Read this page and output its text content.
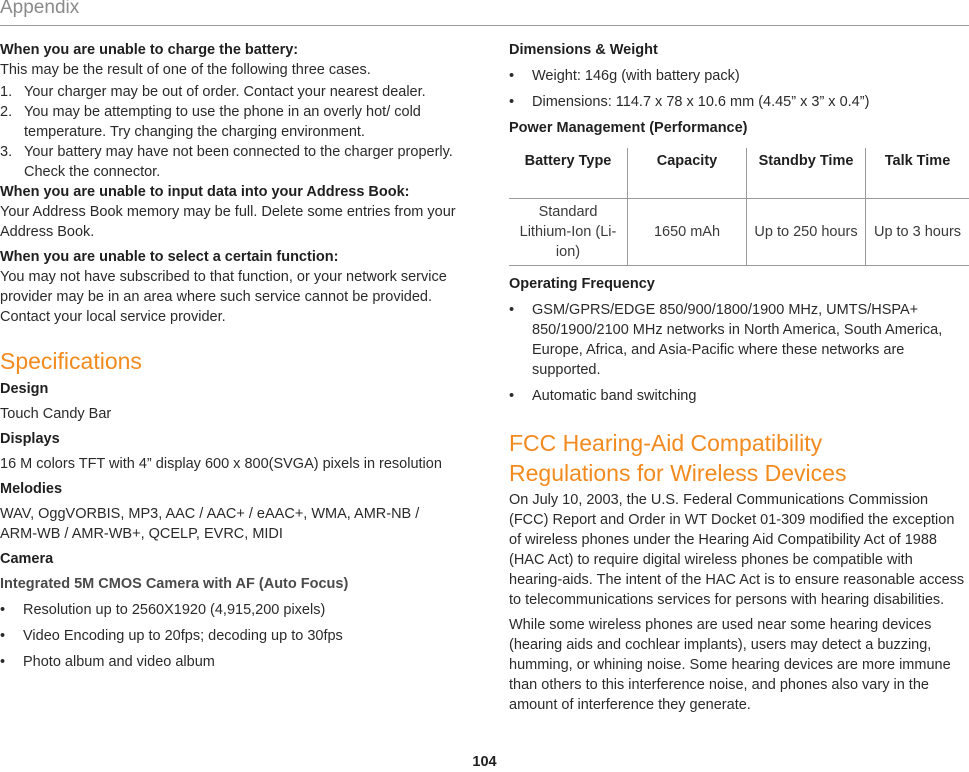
Appendix

When you are unable to charge the battery:

This may be the result of one of the following three cases.

1. Your charger may be out of order. Contact your nearest dealer.
2. You may be attempting to use the phone in an overly hot/ cold temperature. Try changing the charging environment.
3. Your battery may have not been connected to the charger properly. Check the connector.

When you are unable to input data into your Address Book:

Your Address Book memory may be full. Delete some entries from your Address Book.

When you are unable to select a certain function:

You may not have subscribed to that function, or your network service provider may be in an area where such service cannot be provided. Contact your local service provider.

Specifications

Design

Touch Candy Bar

Displays

16 M colors TFT with 4” display 600 x 800(SVGA) pixels in resolution

Melodies

WAV, OggVORBIS, MP3, AAC / AAC+ / eAAC+, WMA, AMR-NB / ARM-WB / AMR-WB+, QCELP, EVRC, MIDI

Camera

Integrated 5M CMOS Camera with AF (Auto Focus)

• Resolution up to 2560X1920 (4,915,200 pixels)
• Video Encoding up to 20fps; decoding up to 30fps
• Photo album and video album

Dimensions & Weight

• Weight: 146g (with battery pack)
• Dimensions: 114.7 x 78 x 10.6 mm (4.45” x 3” x 0.4”)

Power Management (Performance)

Battery Type	Capacity	Standby Time	Talk Time
Standard Lithium-Ion (Li-ion)	1650 mAh	Up to 250 hours	Up to 3 hours

Operating Frequency

• GSM/GPRS/EDGE 850/900/1800/1900 MHz, UMTS/HSPA+ 850/1900/2100 MHz networks in North America, South America, Europe, Africa, and Asia-Pacific where these networks are supported.
• Automatic band switching
FCC Hearing-Aid Compatibility
Regulations for Wireless Devices

On July 10, 2003, the U.S. Federal Communications Commission (FCC) Report and Order in WT Docket 01-309 modified the exception of wireless phones under the Hearing Aid Compatibility Act of 1988 (HAC Act) to require digital wireless phones be compatible with hearing-aids. The intent of the HAC Act is to ensure reasonable access to telecommunications services for persons with hearing disabilities.

While some wireless phones are used near some hearing devices (hearing aids and cochlear implants), users may detect a buzzing, humming, or whining noise. Some hearing devices are more immune than others to this interference noise, and phones also vary in the amount of interference they generate.

104
